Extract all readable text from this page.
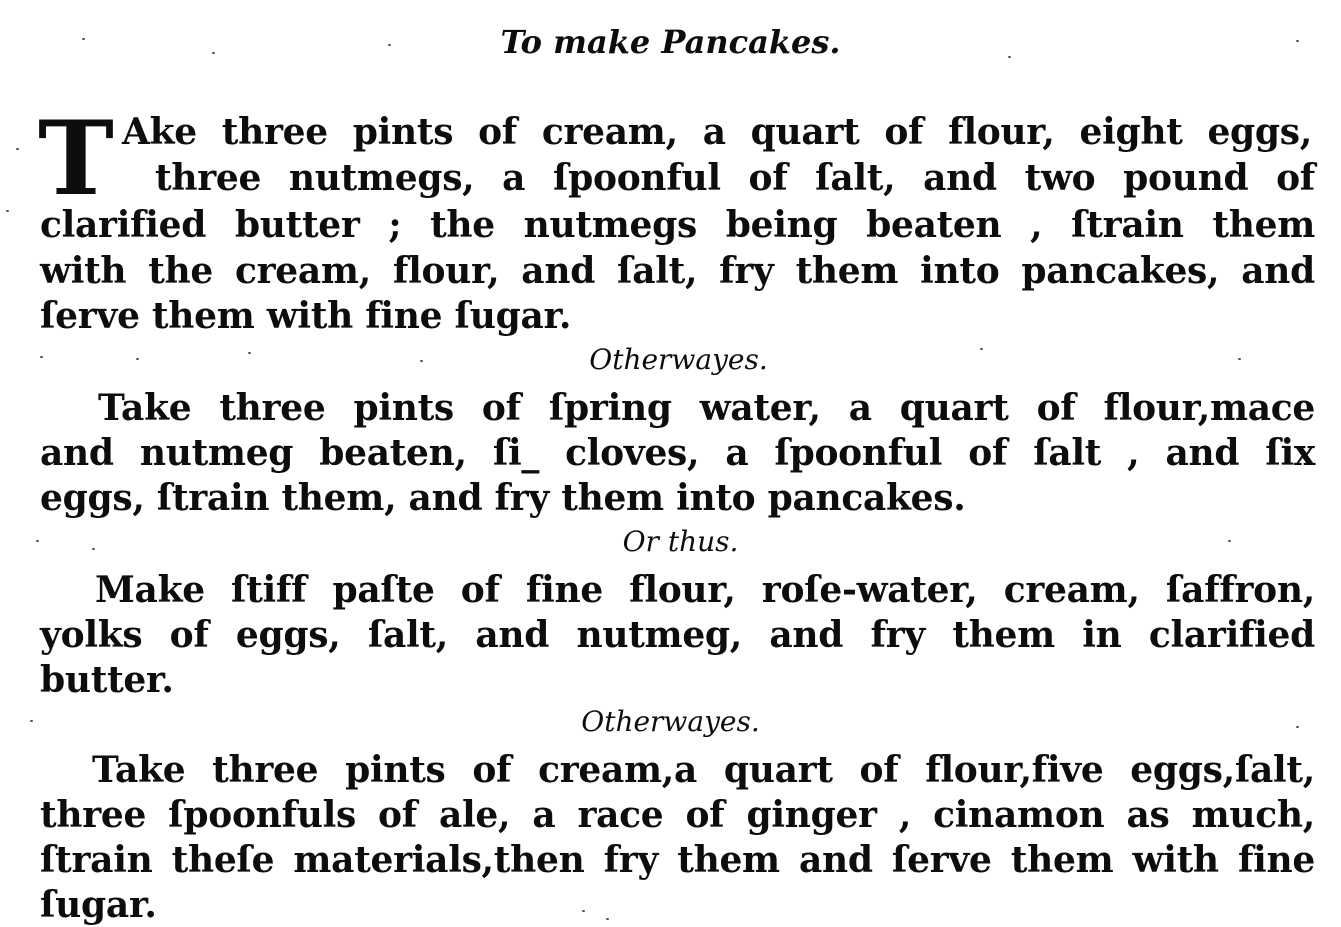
To make Pancakes.
T Ake three pints of cream, a quart of flour, eight eggs,
three nutmegs, a ſpoonful of ſalt, and two pound of
clarified butter ; the nutmegs being beaten , ſtrain them
with the cream, flour, and ſalt, fry them into pancakes, and
ſerve them with fine ſugar.
Otherwayes.
Take three pints of ſpring water, a quart of flour,mace
and nutmeg beaten, ſi_ cloves, a ſpoonful of ſalt , and ſix
eggs, ſtrain them, and fry them into pancakes.
Or thus.
Make ſtiff paſte of fine flour, roſe-water, cream, ſaffron,
yolks of eggs, ſalt, and nutmeg, and fry them in clarified
butter.
Otherwayes.
Take three pints of cream,a quart of flour,five eggs,ſalt,
three ſpoonfuls of ale, a race of ginger , cinamon as much,
ſtrain theſe materials,then fry them and ſerve them with fine
ſugar.
